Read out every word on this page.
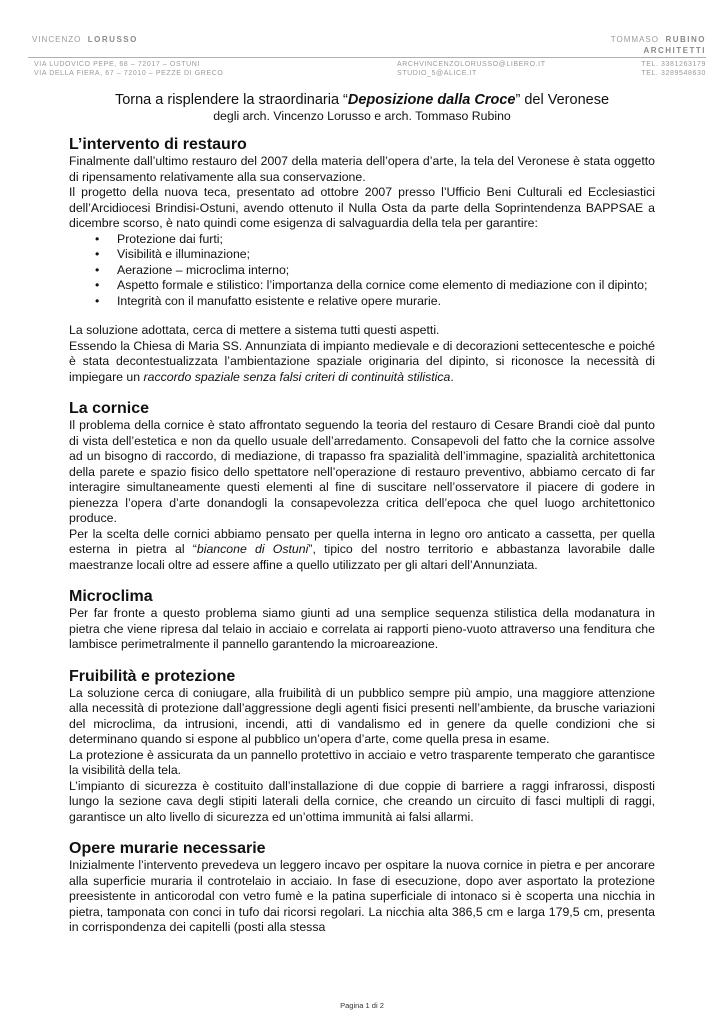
VINCENZO LORUSSO	TOMMASO RUBINO
ARCHITETTI
VIA LUDOVICO PEPE, 68 – 72017 – OSTUNI	ARCHVINCENZOLORUSSO@LIBERO.IT	TEL. 3381263179
VIA DELLA FIERA, 67 – 72010 – PEZZE DI GRECO	STUDIO_5@ALICE.IT	TEL. 3289548630

Torna a risplendere la straordinaria “Deposizione dalla Croce” del Veronese

degli arch. Vincenzo Lorusso e arch. Tommaso Rubino

L’intervento di restauro

Finalmente dall’ultimo restauro del 2007 della materia dell’opera d’arte, la tela del Veronese è stata oggetto di ripensamento relativamente alla sua conservazione.

Il progetto della nuova teca, presentato ad ottobre 2007 presso l’Ufficio Beni Culturali ed Ecclesiastici dell’Arcidiocesi Brindisi-Ostuni, avendo ottenuto il Nulla Osta da parte della Soprintendenza BAPPSAE a dicembre scorso, è nato quindi come esigenza di salvaguardia della tela per garantire:

• Protezione dai furti;
• Visibilità e illuminazione;
• Aerazione – microclima interno;
• Aspetto formale e stilistico: l’importanza della cornice come elemento di mediazione con il dipinto;
• Integrità con il manufatto esistente e relative opere murarie.

La soluzione adottata, cerca di mettere a sistema tutti questi aspetti.

Essendo la Chiesa di Maria SS. Annunziata di impianto medievale e di decorazioni settecentesche e poiché è stata decontestualizzata l’ambientazione spaziale originaria del dipinto, si riconosce la necessità di impiegare un raccordo spaziale senza falsi criteri di continuità stilistica.

La cornice

Il problema della cornice è stato affrontato seguendo la teoria del restauro di Cesare Brandi cioè dal punto di vista dell’estetica e non da quello usuale dell’arredamento. Consapevoli del fatto che la cornice assolve ad un bisogno di raccordo, di mediazione, di trapasso fra spazialità dell’immagine, spazialità architettonica della parete e spazio fisico dello spettatore nell’operazione di restauro preventivo, abbiamo cercato di far interagire simultaneamente questi elementi al fine di suscitare nell’osservatore il piacere di godere in pienezza l’opera d’arte donandogli la consapevolezza critica dell’epoca che quel luogo architettonico produce.

Per la scelta delle cornici abbiamo pensato per quella interna in legno oro anticato a cassetta, per quella esterna in pietra al “biancone di Ostuni”, tipico del nostro territorio e abbastanza lavorabile dalle maestranze locali oltre ad essere affine a quello utilizzato per gli altari dell’Annunziata.

Microclima

Per far fronte a questo problema siamo giunti ad una semplice sequenza stilistica della modanatura in pietra che viene ripresa dal telaio in acciaio e correlata ai rapporti pieno-vuoto attraverso una fenditura che lambisce perimetralmente il pannello garantendo la microareazione.

Fruibilità e protezione

La soluzione cerca di coniugare, alla fruibilità di un pubblico sempre più ampio, una maggiore attenzione alla necessità di protezione dall’aggressione degli agenti fisici presenti nell’ambiente, da brusche variazioni del microclima, da intrusioni, incendi, atti di vandalismo ed in genere da quelle condizioni che si determinano quando si espone al pubblico un’opera d’arte, come quella presa in esame.

La protezione è assicurata da un pannello protettivo in acciaio e vetro trasparente temperato che garantisce la visibilità della tela.

L’impianto di sicurezza è costituito dall’installazione di due coppie di barriere a raggi infrarossi, disposti lungo la sezione cava degli stipiti laterali della cornice, che creando un circuito di fasci multipli di raggi, garantisce un alto livello di sicurezza ed un’ottima immunità ai falsi allarmi.

Opere murarie necessarie

Inizialmente l’intervento prevedeva un leggero incavo per ospitare la nuova cornice in pietra e per ancorare alla superficie muraria il controtelaio in acciaio. In fase di esecuzione, dopo aver asportato la protezione preesistente in anticorodal con vetro fumè e la patina superficiale di intonaco si è scoperta una nicchia in pietra, tamponata con conci in tufo dai ricorsi regolari. La nicchia alta 386,5 cm e larga 179,5 cm, presenta in corrispondenza dei capitelli (posti alla stessa

Pagina 1 di 2
